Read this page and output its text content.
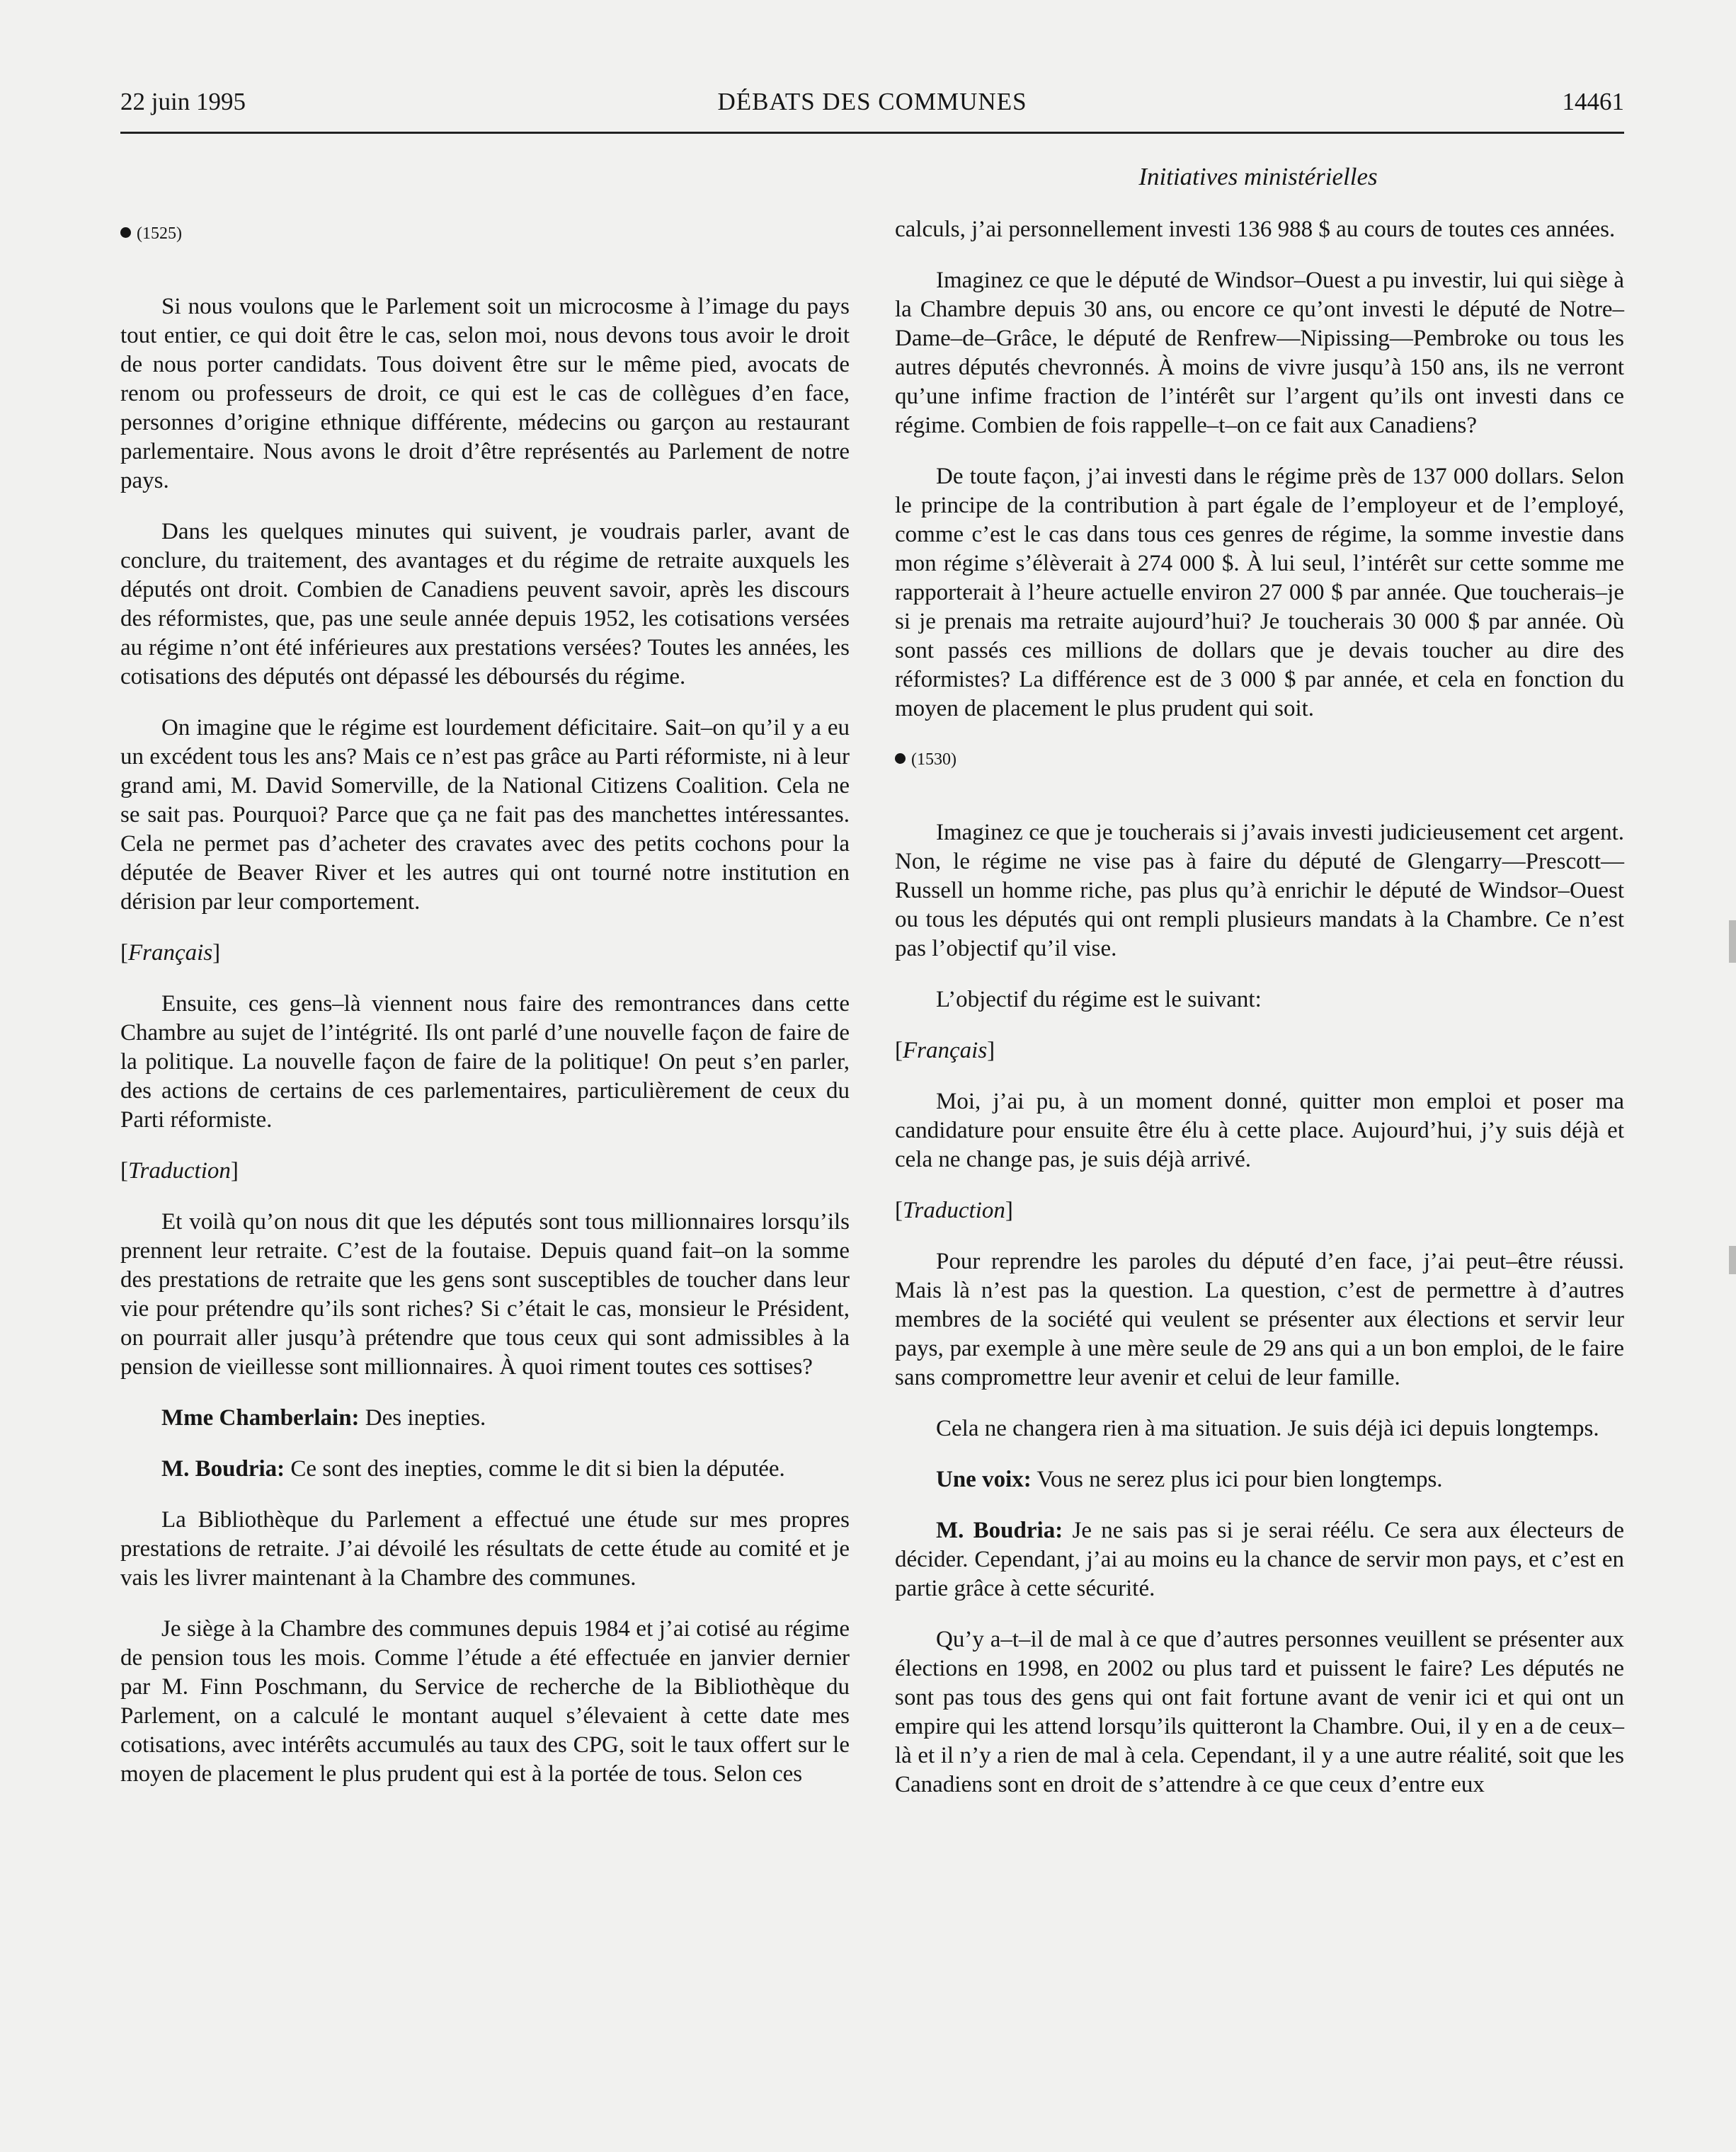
22 juin 1995	DÉBATS DES COMMUNES	14461
Initiatives ministérielles
(1525)

Si nous voulons que le Parlement soit un microcosme à l’image du pays tout entier, ce qui doit être le cas, selon moi, nous devons tous avoir le droit de nous porter candidats. Tous doivent être sur le même pied, avocats de renom ou professeurs de droit, ce qui est le cas de collègues d’en face, personnes d’origine ethnique différente, médecins ou garçon au restaurant parlementaire. Nous avons le droit d’être représentés au Parlement de notre pays.

Dans les quelques minutes qui suivent, je voudrais parler, avant de conclure, du traitement, des avantages et du régime de retraite auxquels les députés ont droit. Combien de Canadiens peuvent savoir, après les discours des réformistes, que, pas une seule année depuis 1952, les cotisations versées au régime n’ont été inférieures aux prestations versées? Toutes les années, les cotisations des députés ont dépassé les déboursés du régime.

On imagine que le régime est lourdement déficitaire. Sait–on qu’il y a eu un excédent tous les ans? Mais ce n’est pas grâce au Parti réformiste, ni à leur grand ami, M. David Somerville, de la National Citizens Coalition. Cela ne se sait pas. Pourquoi? Parce que ça ne fait pas des manchettes intéressantes. Cela ne permet pas d’acheter des cravates avec des petits cochons pour la députée de Beaver River et les autres qui ont tourné notre institution en dérision par leur comportement.

[Français]

Ensuite, ces gens–là viennent nous faire des remontrances dans cette Chambre au sujet de l’intégrité. Ils ont parlé d’une nouvelle façon de faire de la politique. La nouvelle façon de faire de la politique! On peut s’en parler, des actions de certains de ces parlementaires, particulièrement de ceux du Parti réformiste.

[Traduction]

Et voilà qu’on nous dit que les députés sont tous millionnaires lorsqu’ils prennent leur retraite. C’est de la foutaise. Depuis quand fait–on la somme des prestations de retraite que les gens sont susceptibles de toucher dans leur vie pour prétendre qu’ils sont riches? Si c’était le cas, monsieur le Président, on pourrait aller jusqu’à prétendre que tous ceux qui sont admissibles à la pension de vieillesse sont millionnaires. À quoi riment toutes ces sottises?

Mme Chamberlain: Des inepties.

M. Boudria: Ce sont des inepties, comme le dit si bien la députée.

La Bibliothèque du Parlement a effectué une étude sur mes propres prestations de retraite. J’ai dévoilé les résultats de cette étude au comité et je vais les livrer maintenant à la Chambre des communes.

Je siège à la Chambre des communes depuis 1984 et j’ai cotisé au régime de pension tous les mois. Comme l’étude a été effectuée en janvier dernier par M. Finn Poschmann, du Service de recherche de la Bibliothèque du Parlement, on a calculé le montant auquel s’élevaient à cette date mes cotisations, avec intérêts accumulés au taux des CPG, soit le taux offert sur le moyen de placement le plus prudent qui est à la portée de tous. Selon ces

calculs, j’ai personnellement investi 136 988 $ au cours de toutes ces années.

Imaginez ce que le député de Windsor–Ouest a pu investir, lui qui siège à la Chambre depuis 30 ans, ou encore ce qu’ont investi le député de Notre–Dame–de–Grâce, le député de Renfrew—Nipissing—Pembroke ou tous les autres députés chevronnés. À moins de vivre jusqu’à 150 ans, ils ne verront qu’une infime fraction de l’intérêt sur l’argent qu’ils ont investi dans ce régime. Combien de fois rappelle–t–on ce fait aux Canadiens?

De toute façon, j’ai investi dans le régime près de 137 000 dollars. Selon le principe de la contribution à part égale de l’employeur et de l’employé, comme c’est le cas dans tous ces genres de régime, la somme investie dans mon régime s’élèverait à 274 000 $. À lui seul, l’intérêt sur cette somme me rapporterait à l’heure actuelle environ 27 000 $ par année. Que toucherais–je si je prenais ma retraite aujourd’hui? Je toucherais 30 000 $ par année. Où sont passés ces millions de dollars que je devais toucher au dire des réformistes? La différence est de 3 000 $ par année, et cela en fonction du moyen de placement le plus prudent qui soit.

(1530)

Imaginez ce que je toucherais si j’avais investi judicieusement cet argent. Non, le régime ne vise pas à faire du député de Glengarry—Prescott—Russell un homme riche, pas plus qu’à enrichir le député de Windsor–Ouest ou tous les députés qui ont rempli plusieurs mandats à la Chambre. Ce n’est pas l’objectif qu’il vise.

L’objectif du régime est le suivant:

[Français]

Moi, j’ai pu, à un moment donné, quitter mon emploi et poser ma candidature pour ensuite être élu à cette place. Aujourd’hui, j’y suis déjà et cela ne change pas, je suis déjà arrivé.

[Traduction]

Pour reprendre les paroles du député d’en face, j’ai peut–être réussi. Mais là n’est pas la question. La question, c’est de permettre à d’autres membres de la société qui veulent se présenter aux élections et servir leur pays, par exemple à une mère seule de 29 ans qui a un bon emploi, de le faire sans compromettre leur avenir et celui de leur famille.

Cela ne changera rien à ma situation. Je suis déjà ici depuis longtemps.

Une voix: Vous ne serez plus ici pour bien longtemps.

M. Boudria: Je ne sais pas si je serai réélu. Ce sera aux électeurs de décider. Cependant, j’ai au moins eu la chance de servir mon pays, et c’est en partie grâce à cette sécurité.

Qu’y a–t–il de mal à ce que d’autres personnes veuillent se présenter aux élections en 1998, en 2002 ou plus tard et puissent le faire? Les députés ne sont pas tous des gens qui ont fait fortune avant de venir ici et qui ont un empire qui les attend lorsqu’ils quitteront la Chambre. Oui, il y en a de ceux–là et il n’y a rien de mal à cela. Cependant, il y a une autre réalité, soit que les Canadiens sont en droit de s’attendre à ce que ceux d’entre eux
